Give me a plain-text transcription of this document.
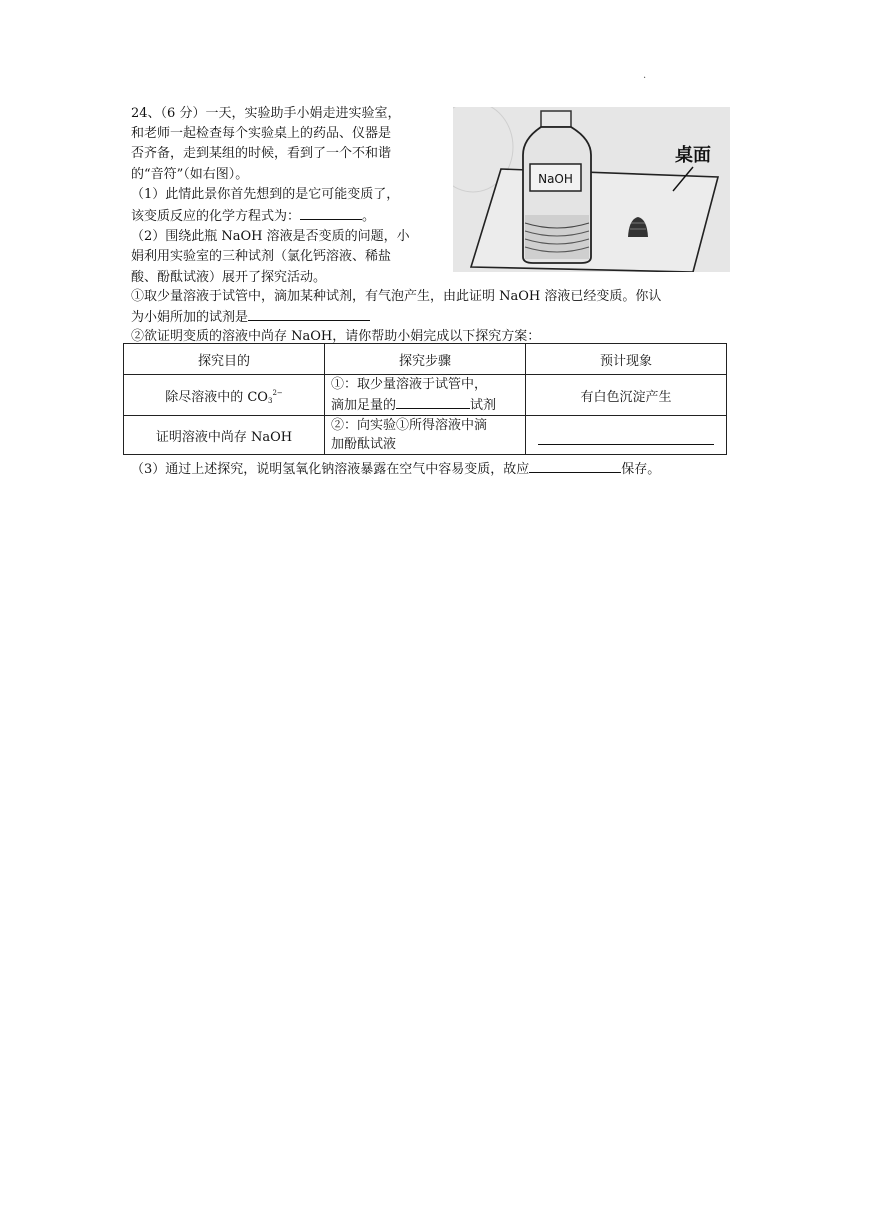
.

24、（6 分）一天，实验助手小娟走进实验室，

和老师一起检查每个实验桌上的药品、仪器是

否齐备，走到某组的时候，看到了一个不和谐

的“音符”（如右图）。

（1）此情此景你首先想到的是它可能变质了，

该变质反应的化学方程式为：	。

（2）围绕此瓶 NaOH 溶液是否变质的问题，小

娟利用实验室的三种试剂（氯化钙溶液、稀盐

酸、酚酞试液）展开了探究活动。

NaOH
桌面

①取少量溶液于试管中，滴加某种试剂，有气泡产生，由此证明 NaOH 溶液已经变质。你认

为小娟所加的试剂是

②欲证明变质的溶液中尚存 NaOH，请你帮助小娟完成以下探究方案：

探究目的	探究步骤	预计现象
除尽溶液中的 $CO_3^{2-}$	①：取少量溶液于试管中，
滴加足量的 试剂	有白色沉淀产生
证明溶液中尚存 NaOH	②：向实验①所得溶液中滴
加酚酞试液	

（3）通过上述探究，说明氢氧化钠溶液暴露在空气中容易变质，故应	保存。
